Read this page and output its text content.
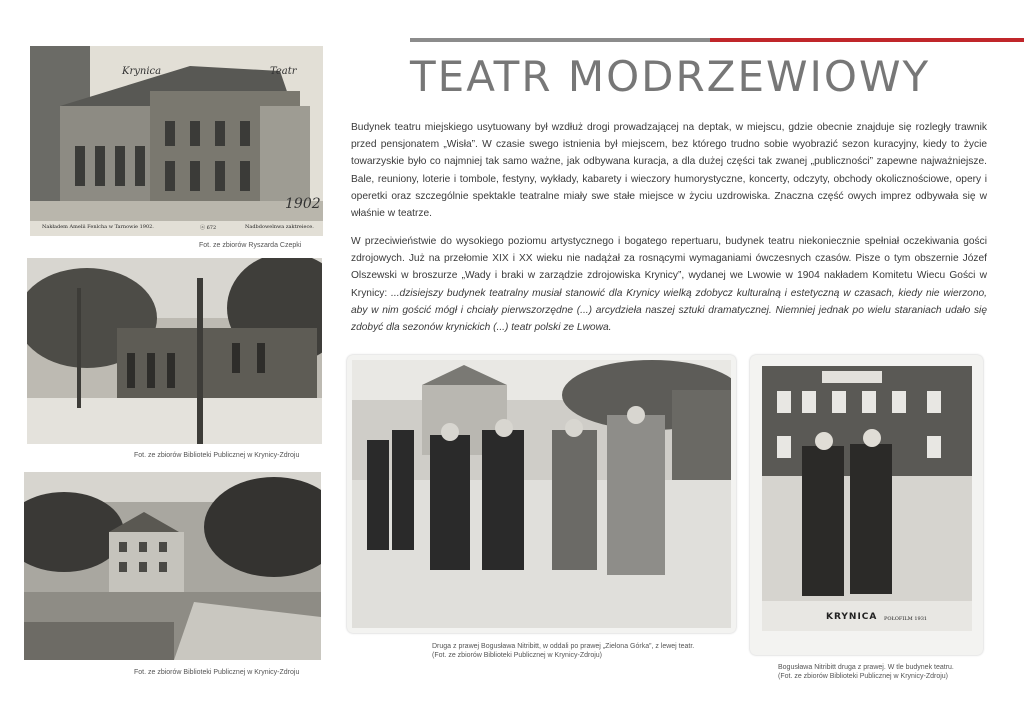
Krynica	Teatr
1902
Nakładem Amelii Fenlcha w Tarnowie 1902.	ⓐ 672	Nadbdowelnwa zaktreiece.
Fot. ze zbiorów Ryszarda Czepki
Fot. ze zbiorów Biblioteki Publicznej w Krynicy-Zdroju
Fot. ze zbiorów Biblioteki Publicznej w Krynicy-Zdroju
TEATR MODRZEWIOWY

Budynek teatru miejskiego usytuowany był wzdłuż drogi prowadzającej na deptak, w miejscu, gdzie obecnie znajduje się rozległy trawnik przed pensjonatem „Wisła”. W czasie swego istnienia był miejscem, bez którego trudno sobie wyobrazić sezon kuracyjny, kiedy to życie towarzyskie było co najmniej tak samo ważne, jak odbywana kuracja, a dla dużej części tak zwanej „publiczności” zapewne najważniejsze. Bale, reuniony, loterie i tombole, festyny, wykłady, kabarety i wieczory humorystyczne, koncerty, odczyty, obchody okolicznościowe, opery i operetki oraz szczególnie spektakle teatralne miały swe stałe miejsce w życiu uzdrowiska. Znaczna część owych imprez odbywała się w właśnie w teatrze.

W przeciwieństwie do wysokiego poziomu artystycznego i bogatego repertuaru, budynek teatru niekoniecznie spełniał oczekiwania gości zdrojowych. Już na przełomie XIX i XX wieku nie nadążał za rosnącymi wymaganiami ówczesnych czasów. Pisze o tym obszernie Józef Olszewski w broszurze „Wady i braki w zarządzie zdrojowiska Krynicy”, wydanej we Lwowie w 1904 nakładem Komitetu Wiecu Gości w Krynicy: ...dzisiejszy budynek teatralny musiał stanowić dla Krynicy wielką zdobycz kulturalną i estetyczną w czasach, kiedy nie wierzono, aby w nim gościć mógł i chciały pierwszorzędne (...) arcydzieła naszej sztuki dramatycznej. Niemniej jednak po wielu staraniach udało się zdobyć dla sezonów krynickich (...) teatr polski ze Lwowa.

Druga z prawej Bogusława Nitribitt, w oddali po prawej „Zielona Górka”, z lewej teatr.
(Fot. ze zbiorów Biblioteki Publicznej w Krynicy-Zdroju)
KRYNICA POŁOFILM 1931
Bogusława Nitribitt druga z prawej. W tle budynek teatru.
(Fot. ze zbiorów Biblioteki Publicznej w Krynicy-Zdroju)
